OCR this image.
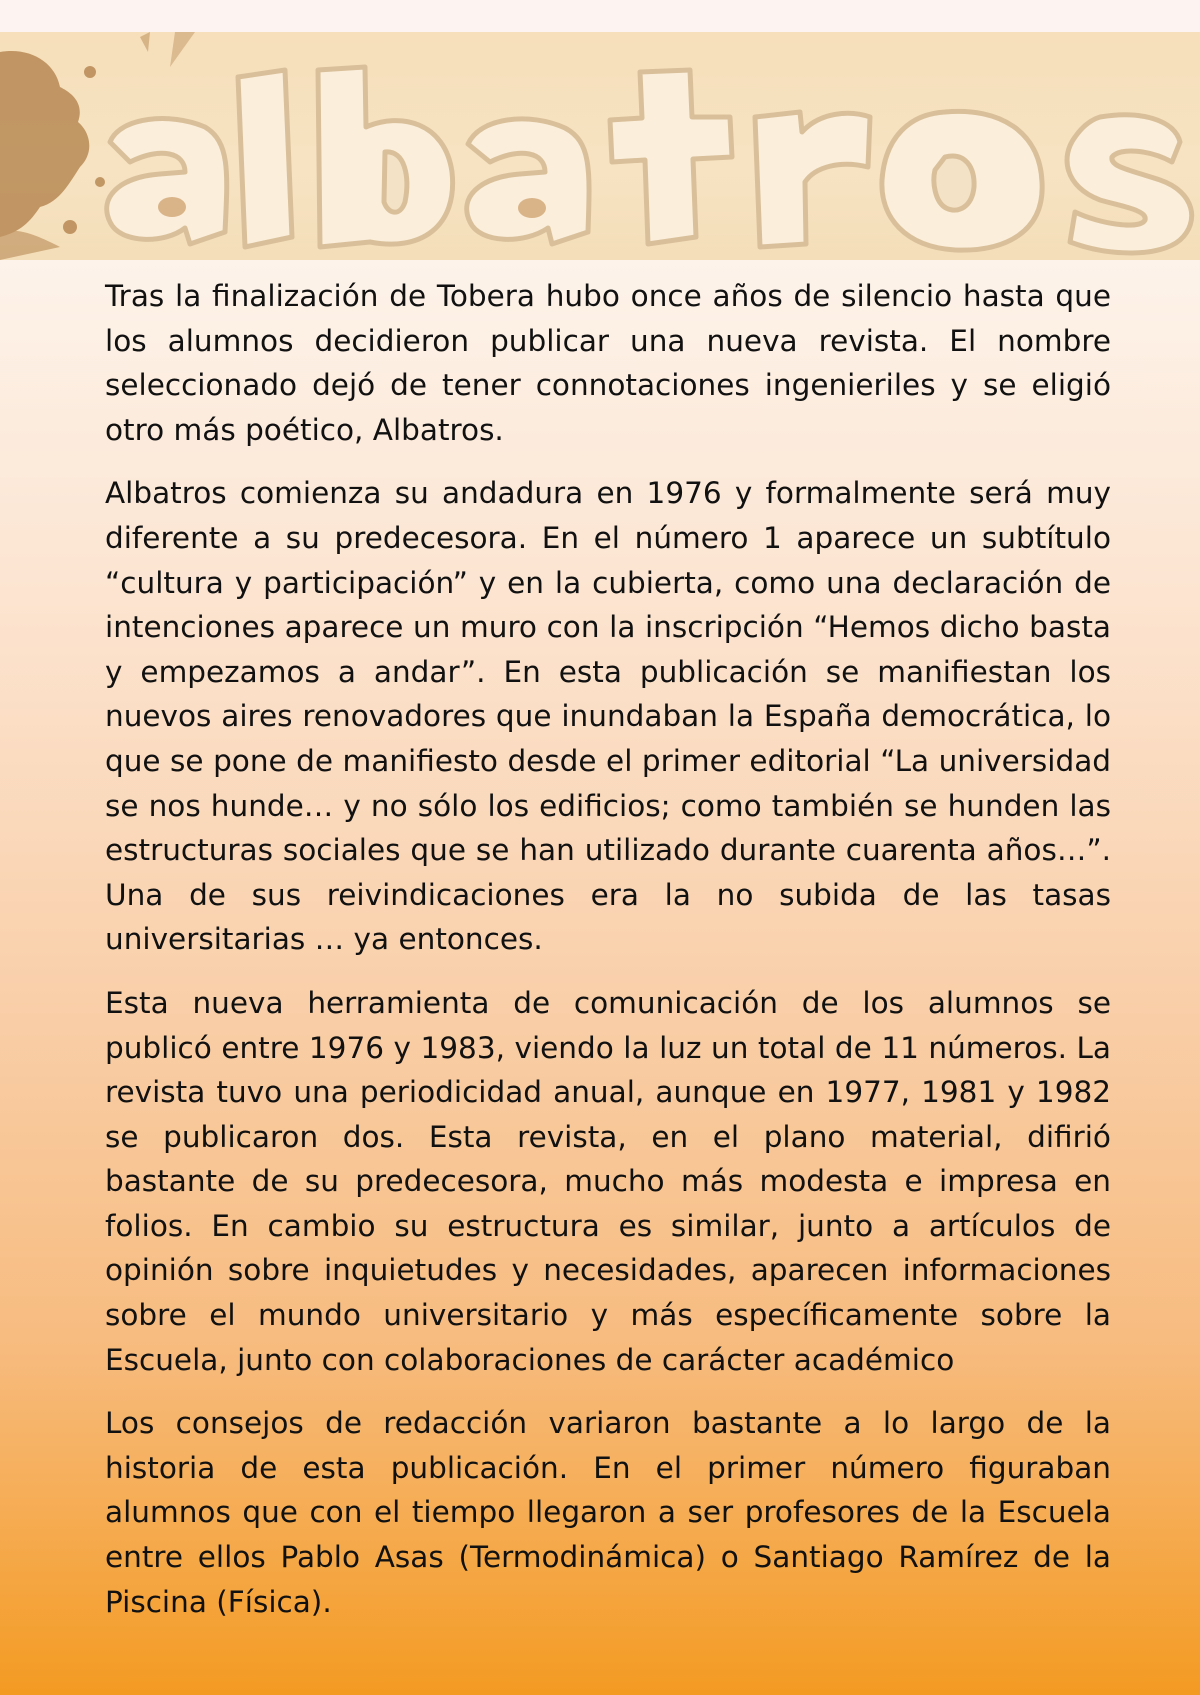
Tras la finalización de Tobera hubo once años de silencio hasta que los alumnos decidieron publicar una nueva revista. El nombre seleccionado dejó de tener connotaciones ingenieriles y se eligió otro más poético, Albatros.

Albatros comienza su andadura en 1976 y formalmente será muy diferente a su predecesora. En el número 1 aparece un subtítulo “cultura y participación” y en la cubierta, como una declaración de intenciones aparece un muro con la inscripción “Hemos dicho basta y empezamos a andar”. En esta publicación se manifiestan los nuevos aires renovadores que inundaban la España democrática, lo que se pone de manifiesto desde el primer editorial “La universidad se nos hunde… y no sólo los edificios; como también se hunden las estructuras sociales que se han utilizado durante cuarenta años…”. Una de sus reivindicaciones era la no subida de las tasas universitarias … ya entonces.

Esta nueva herramienta de comunicación de los alumnos se publicó entre 1976 y 1983, viendo la luz un total de 11 números. La revista tuvo una periodicidad anual, aunque en 1977, 1981 y 1982 se publicaron dos. Esta revista, en el plano material, difirió bastante de su predecesora, mucho más modesta e impresa en folios. En cambio su estructura es similar, junto a artículos de opinión sobre inquietudes y necesidades, aparecen informaciones sobre el mundo universitario y más específicamente sobre la Escuela, junto con colaboraciones de carácter académico

Los consejos de redacción variaron bastante a lo largo de la historia de esta publicación. En el primer número figuraban alumnos que con el tiempo llegaron a ser profesores de la Escuela entre ellos Pablo Asas (Termodinámica) o Santiago Ramírez de la Piscina (Física).
